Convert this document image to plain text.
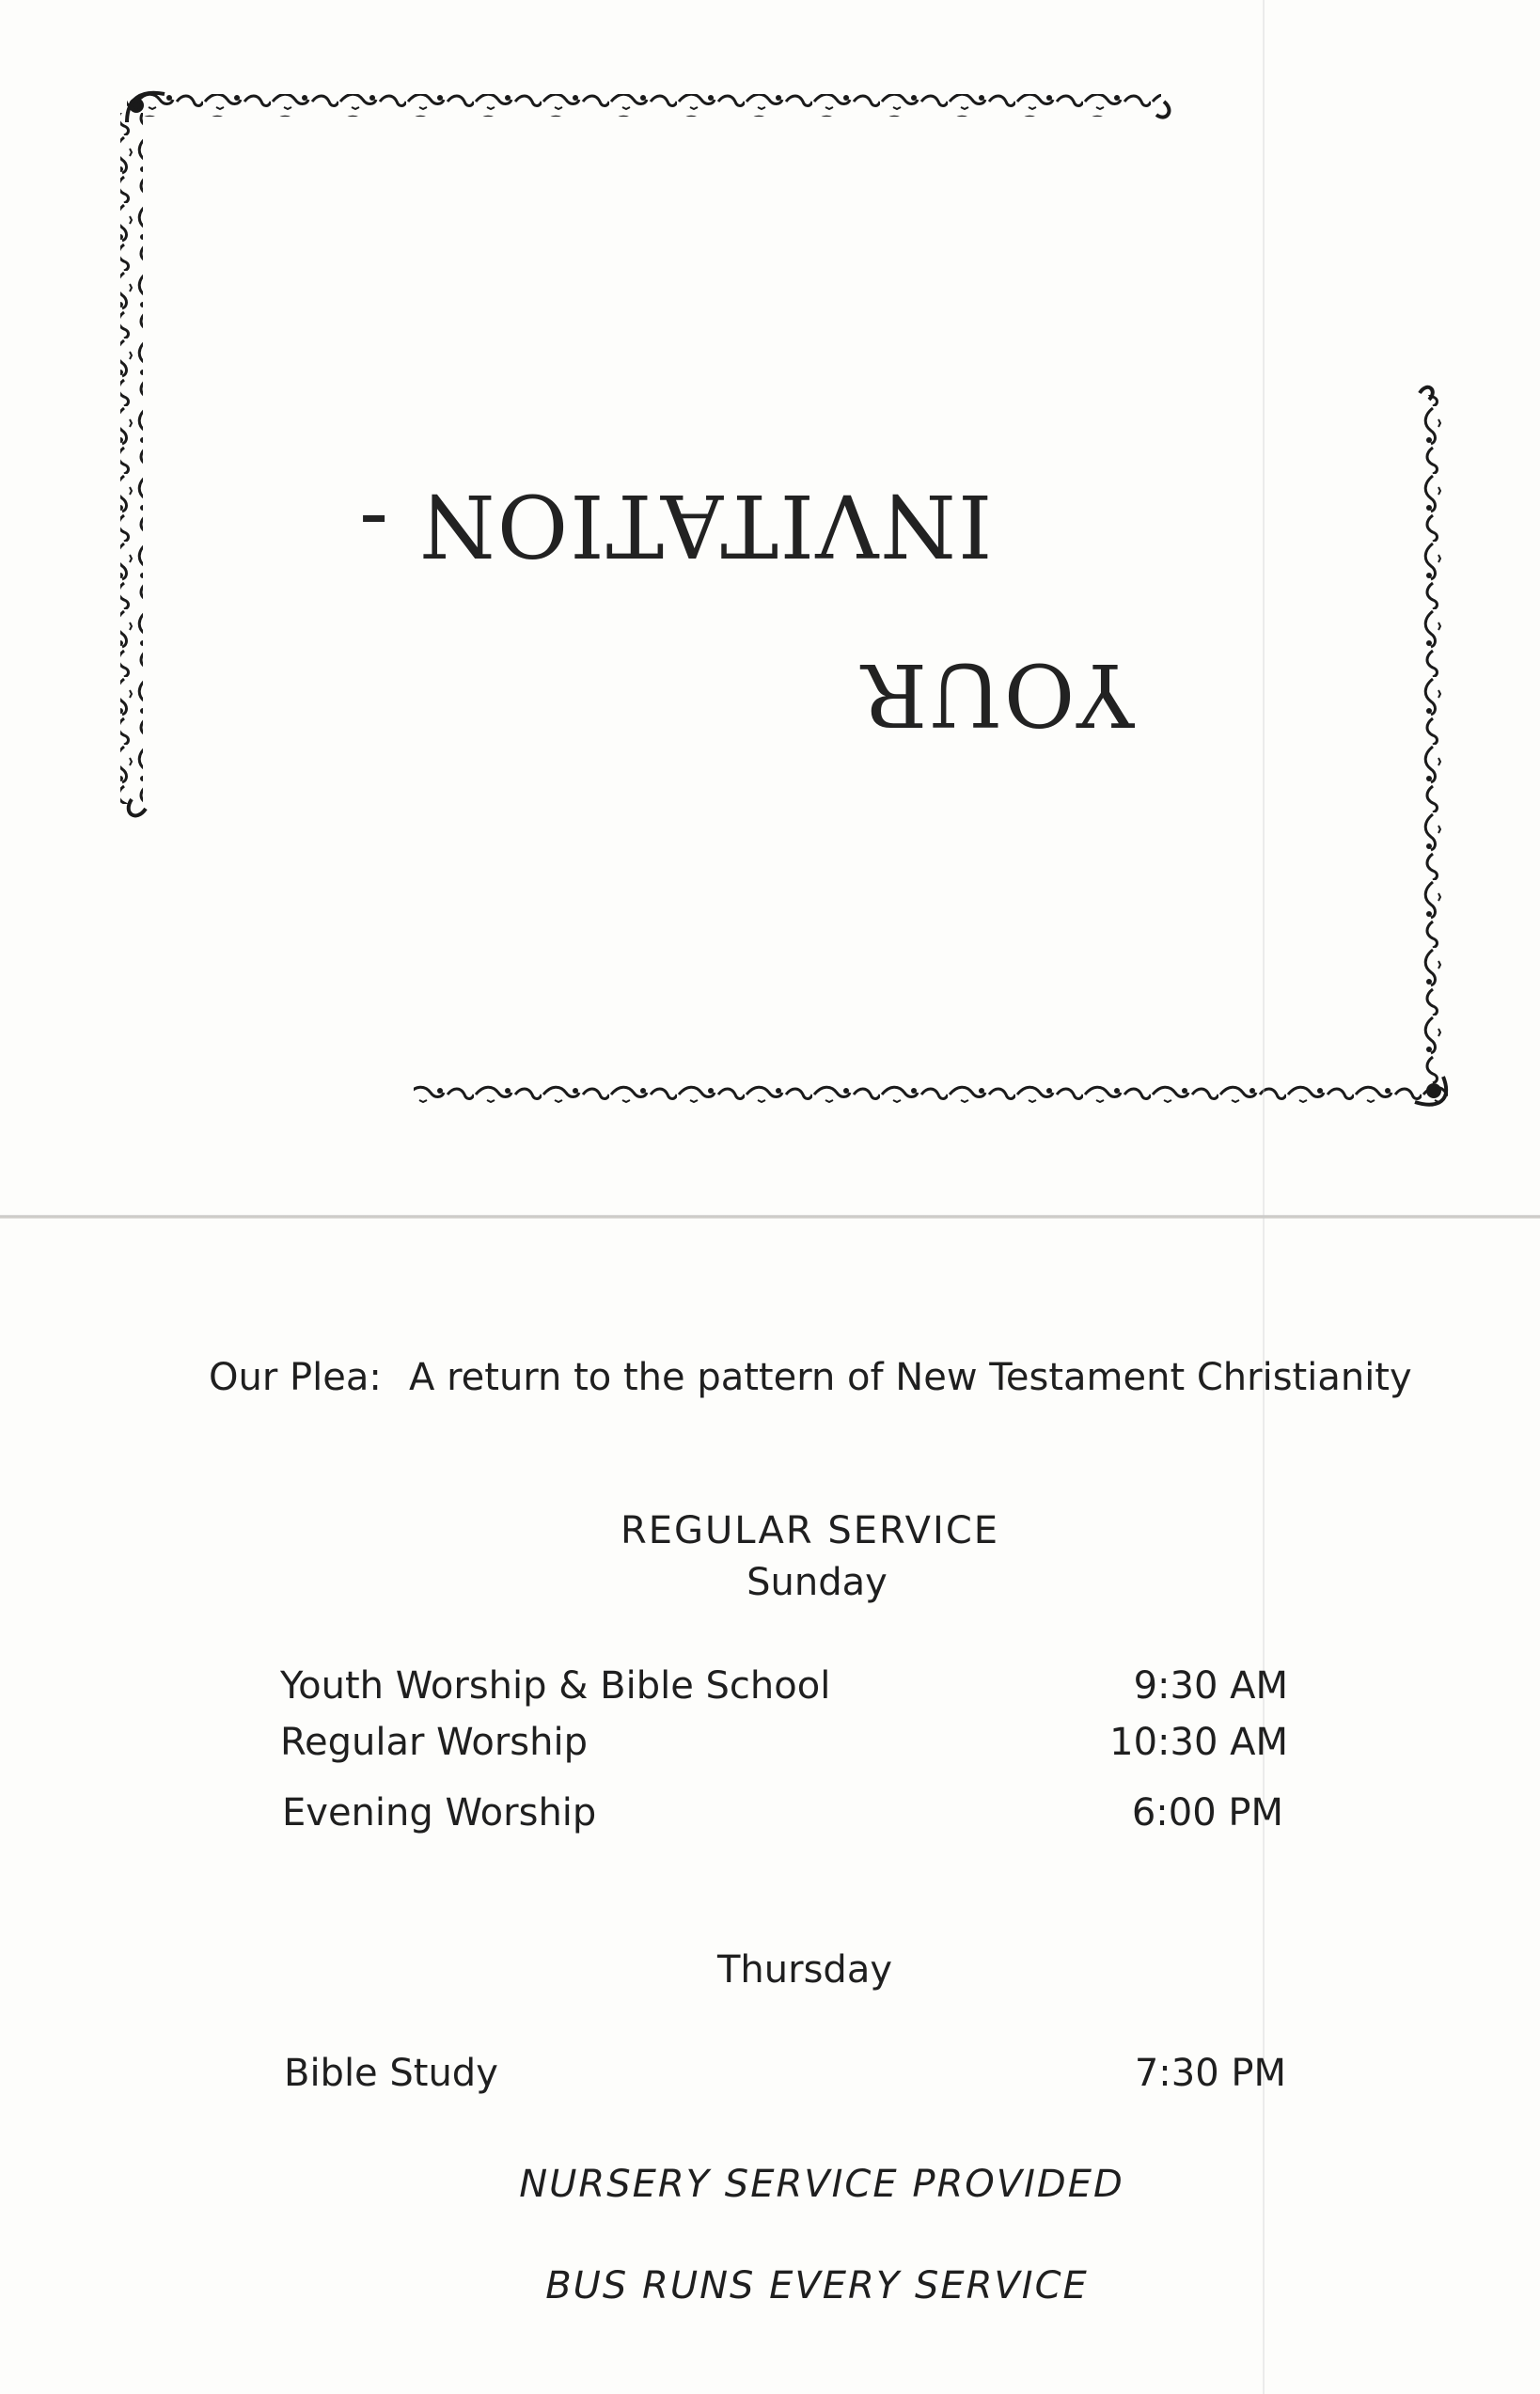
INVITATION -
YOUR
Our Plea: A return to the pattern of New Testament Christianity
REGULAR SERVICE
Sunday
Youth Worship & Bible School	9:30 AM
Regular Worship	10:30 AM
Evening Worship	6:00 PM
Thursday
Bible Study	7:30 PM
NURSERY SERVICE PROVIDED
BUS RUNS EVERY SERVICE
